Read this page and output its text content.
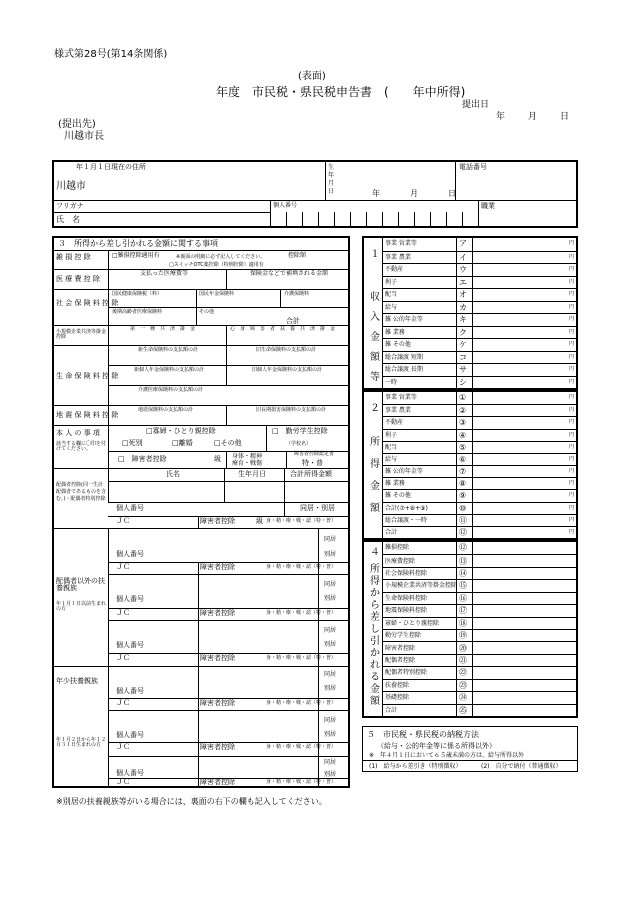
様式第28号(第14条関係)
(表面)
年度　市民税・県民税申告書　(　　年中所得)
提出日
年	月	日
(提出先)
川越市長
年１月１日現在の住所
川越市
生年月日	年	月	日
電話番号
フリガナ
氏　名
個人番号	職業
３　所得から差し引かれる金額に関する事項
雑 損 控 除	□雑損控除適用有	※裏面の明細に必ず記入してください。	控除額
□スイッチOTC薬控除（特例控除）適用有
医 療 費 控 除
支払った医療費等	保険金などで補填される金額
社 会 保 険 料 控 除
国民健康保険税（料）	国民年金保険料	介護保険料
後期高齢者医療保険料	その他
合計
小規模企業共済等掛金控除
第　一　種　共　済　掛　金	心　身　障　害　者　扶　養　共　済　掛　金
生 命 保 険 料 控 除
新生命保険料の支払額の計	旧生命保険料の支払額の計
新個人年金保険料の支払額の計	旧個人年金保険料の支払額の計
介護医療保険料の支払額の計
地 震 保 険 料 控 除
地震保険料の支払額の計	旧長期損害保険料の支払額の計
本 人 の 事 項
該当する欄に〇印を付けてください。
□寡婦・ひとり親控除	□　勤労学生控除
□死別	□離婚	□その他	（学校名）
□　障害者控除	級 身体・精神
療育・戦傷
障害者控除認定書
特・普
配偶者控除(同一生計配偶者であるものを含む。)・配偶者特別控除
氏名	生年月日	合計所得金額
個人番号	同居・別居
ＪＣ	障害者控除	級 身・精・療・戦・認（特・普）
配偶者以外の扶養親族
年１月１日以前生まれの方
個人番号
同居
別居
ＪＣ	障害者控除	身・精・療・戦・認（特・普）
個人番号
同居
別居
ＪＣ	障害者控除	身・精・療・戦・認（特・普）
個人番号
同居
別居
ＪＣ	障害者控除	身・精・療・戦・認（特・普）
年少扶養親族
年１月２日から年１２月３１日生まれの方
個人番号
同居
別居
ＪＣ	障害者控除	身・精・療・戦・認（特・普）
個人番号
同居
別居
ＪＣ	障害者控除	身・精・療・戦・認（特・普）
個人番号
同居
別居
ＪＣ	障害者控除	身・精・療・戦・認（特・普）
※別居の扶養親族等がいる場合には、裏面の右下の欄も記入してください。
１
収入金額等
事業 営業等	ア	円
事業 農業	イ	円
不動産	ウ	円
利子	エ	円
配当	オ	円
給与	カ	円
雑 公的年金等	キ	円
雑 業務	ク	円
雑 その他	ケ	円
総合譲渡 短期	コ	円
総合譲渡 長期	サ	円
一時	シ	円
２
所得金額
事業 営業等	①	円
事業 農業	②	円
不動産	③	円
利子	④	円
配当	⑤	円
給与	⑥	円
雑 公的年金等	⑦	円
雑 業務	⑧	円
雑 その他	⑨	円
合計(⑦+⑧+⑨)	⑩	円
総合譲渡・一時	⑪	円
合計	⑫	円
４
所得から差し引かれる金額
雑損控除	⑫
医療費控除	⑬
社会保険料控除	⑭
小規模企業共済等掛金控除 ⑮
生命保険料控除	⑯
地震保険料控除	⑰
寡婦・ひとり親控除 ⑱
勤労学生控除	⑲
障害者控除	⑳
配偶者控除	㉑
配偶者特別控除	㉒
扶養控除	㉓
基礎控除	㉔
合計	㉕
５　市民税・県民税の納税方法
（給与・公的年金等に係る所得以外）
※　年４月１日において６５歳未満の方は、給与所得以外
(1)　給与から差引き（特別徴収）	(2)　自分で納付（普通徴収）
